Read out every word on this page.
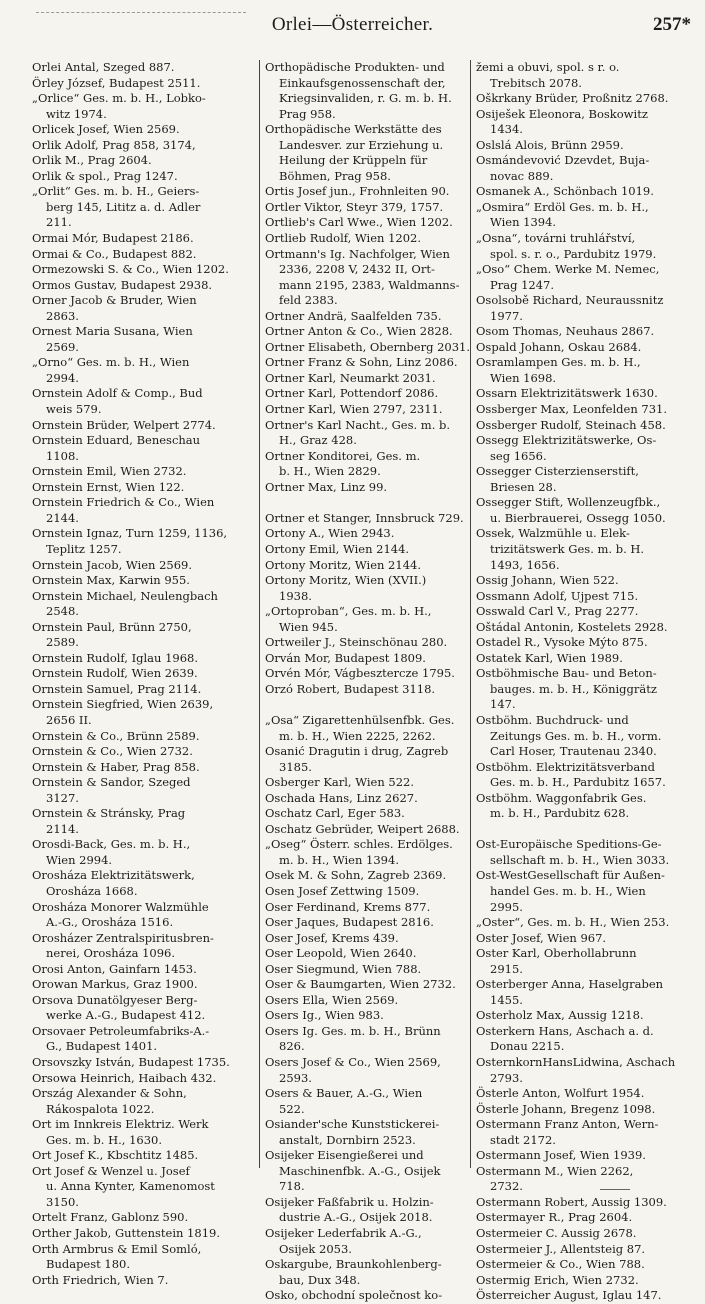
Orlei—Österreicher.	257*
Orlei Antal, Szeged 887.
Örley József, Budapest 2511.
„Orlice“ Ges. m. b. H., Lobko-
witz 1974.
Orlicek Josef, Wien 2569.
Orlik Adolf, Prag 858, 3174,
Orlik M., Prag 2604.
Orlik & spol., Prag 1247.
„Orlit“ Ges. m. b. H., Geiers-
berg 145, Lititz a. d. Adler
211.
Ormai Mór, Budapest 2186.
Ormai & Co., Budapest 882.
Ormezowski S. & Co., Wien 1202.
Ormos Gustav, Budapest 2938.
Orner Jacob & Bruder, Wien
2863.
Ornest Maria Susana, Wien
2569.
„Orno“ Ges. m. b. H., Wien
2994.
Ornstein Adolf & Comp., Bud
weis 579.
Ornstein Brüder, Welpert 2774.
Ornstein Eduard, Beneschau
1108.
Ornstein Emil, Wien 2732.
Ornstein Ernst, Wien 122.
Ornstein Friedrich & Co., Wien
2144.
Ornstein Ignaz, Turn 1259, 1136,
Teplitz 1257.
Ornstein Jacob, Wien 2569.
Ornstein Max, Karwin 955.
Ornstein Michael, Neulengbach
2548.
Ornstein Paul, Brünn 2750,
2589.
Ornstein Rudolf, Iglau 1968.
Ornstein Rudolf, Wien 2639.
Ornstein Samuel, Prag 2114.
Ornstein Siegfried, Wien 2639,
2656 II.
Ornstein & Co., Brünn 2589.
Ornstein & Co., Wien 2732.
Ornstein & Haber, Prag 858.
Ornstein & Sandor, Szeged
3127.
Ornstein & Stránsky, Prag
2114.
Orosdi-Back, Ges. m. b. H.,
Wien 2994.
Orosháza Elektrizitätswerk,
Orosháza 1668.
Orosháza Monorer Walzmühle
A.-G., Orosháza 1516.
Orosházer Zentralspiritusbren-
nerei, Orosháza 1096.
Orosi Anton, Gainfarn 1453.
Orowan Markus, Graz 1900.
Orsova Dunatölgyeser Berg-
werke A.-G., Budapest 412.
Orsovaer Petroleumfabriks-A.-
G., Budapest 1401.
Orsovszky István, Budapest 1735.
Orsowa Heinrich, Haibach 432.
Ország Alexander & Sohn,
Rákospalota 1022.
Ort im Innkreis Elektriz. Werk
Ges. m. b. H., 1630.
Ort Josef K., Kbschtitz 1485.
Ort Josef & Wenzel u. Josef
u. Anna Kynter, Kamenomost
3150.
Ortelt Franz, Gablonz 590.
Orther Jakob, Guttenstein 1819.
Orth Armbrus & Emil Somló,
Budapest 180.
Orth Friedrich, Wien 7.
Orthopädische Produkten- und
Einkaufsgenossenschaft der,
Kriegsinvaliden, r. G. m. b. H.
Prag 958.
Orthopädische Werkstätte des
Landesver. zur Erziehung u.
Heilung der Krüppeln für
Böhmen, Prag 958.
Ortis Josef jun., Frohnleiten 90.
Ortler Viktor, Steyr 379, 1757.
Ortlieb's Carl Wwe., Wien 1202.
Ortlieb Rudolf, Wien 1202.
Ortmann's Ig. Nachfolger, Wien
2336, 2208 V, 2432 II, Ort-
mann 2195, 2383, Waldmanns-
feld 2383.
Ortner Andrä, Saalfelden 735.
Ortner Anton & Co., Wien 2828.
Ortner Elisabeth, Obernberg 2031.
Ortner Franz & Sohn, Linz 2086.
Ortner Karl, Neumarkt 2031.
Ortner Karl, Pottendorf 2086.
Ortner Karl, Wien 2797, 2311.
Ortner's Karl Nacht., Ges. m. b.
H., Graz 428.
Ortner Konditorei, Ges. m.
b. H., Wien 2829.
Ortner Max, Linz 99.

Ortner et Stanger, Innsbruck 729.
Ortony A., Wien 2943.
Ortony Emil, Wien 2144.
Ortony Moritz, Wien 2144.
Ortony Moritz, Wien (XVII.)
1938.
„Ortoproban“, Ges. m. b. H.,
Wien 945.
Ortweiler J., Steinschönau 280.
Orván Mor, Budapest 1809.
Orvén Mór, Vágbesztercze 1795.
Orzó Robert, Budapest 3118.

„Osa“ Zigarettenhülsenfbk. Ges.
m. b. H., Wien 2225, 2262.
Osanić Dragutin i drug, Zagreb
3185.
Osberger Karl, Wien 522.
Oschada Hans, Linz 2627.
Oschatz Carl, Eger 583.
Oschatz Gebrüder, Weipert 2688.
„Oseg“ Österr. schles. Erdölges.
m. b. H., Wien 1394.
Osek M. & Sohn, Zagreb 2369.
Osen Josef Zettwing 1509.
Oser Ferdinand, Krems 877.
Oser Jaques, Budapest 2816.
Oser Josef, Krems 439.
Oser Leopold, Wien 2640.
Oser Siegmund, Wien 788.
Oser & Baumgarten, Wien 2732.
Osers Ella, Wien 2569.
Osers Ig., Wien 983.
Osers Ig. Ges. m. b. H., Brünn
826.
Osers Josef & Co., Wien 2569,
2593.
Osers & Bauer, A.-G., Wien
522.
Osiander'sche Kunststickerei-
anstalt, Dornbirn 2523.
Osijeker Eisengießerei und
Maschinenfbk. A.-G., Osijek
718.
Osijeker Faßfabrik u. Holzin-
dustrie A.-G., Osijek 2018.
Osijeker Lederfabrik A.-G.,
Osijek 2053.
Oskargube, Braunkohlenberg-
bau, Dux 348.
Osko, obchodní společnost ko-
žemi a obuvi, spol. s r. o.
Trebitsch 2078.
Oškrkany Brüder, Proßnitz 2768.
Osiješek Eleonora, Boskowitz
1434.
Oslslá Alois, Brünn 2959.
Osmándevović Dzevdet, Buja-
novac 889.
Osmanek A., Schönbach 1019.
„Osmira“ Erdöl Ges. m. b. H.,
Wien 1394.
„Osna“, továrni truhlářství,
spol. s. r. o., Pardubitz 1979.
„Oso“ Chem. Werke M. Nemec,
Prag 1247.
Osolsobě Richard, Neuraussnitz
1977.
Osom Thomas, Neuhaus 2867.
Ospald Johann, Oskau 2684.
Osramlampen Ges. m. b. H.,
Wien 1698.
Ossarn Elektrizitätswerk 1630.
Ossberger Max, Leonfelden 731.
Ossberger Rudolf, Steinach 458.
Ossegg Elektrizitätswerke, Os-
seg 1656.
Ossegger Cisterzienserstift,
Briesen 28.
Ossegger Stift, Wollenzeugfbk.,
u. Bierbrauerei, Ossegg 1050.
Ossek, Walzmühle u. Elek-
trizitätswerk Ges. m. b. H.
1493, 1656.
Ossig Johann, Wien 522.
Ossmann Adolf, Ujpest 715.
Osswald Carl V., Prag 2277.
Oštádal Antonin, Kostelets 2928.
Ostadel R., Vysoke Mýto 875.
Ostatek Karl, Wien 1989.
Ostböhmische Bau- und Beton-
bauges. m. b. H., Königgrätz
147.
Ostböhm. Buchdruck- und
Zeitungs Ges. m. b. H., vorm.
Carl Hoser, Trautenau 2340.
Ostböhm. Elektrizitätsverband
Ges. m. b. H., Pardubitz 1657.
Ostböhm. Waggonfabrik Ges.
m. b. H., Pardubitz 628.

Ost-Europäische Speditions-Ge-
sellschaft m. b. H., Wien 3033.
Ost-WestGesellschaft für Außen-
handel Ges. m. b. H., Wien
2995.
„Oster“, Ges. m. b. H., Wien 253.
Oster Josef, Wien 967.
Oster Karl, Oberhollabrunn
2915.
Osterberger Anna, Haselgraben
1455.
Osterholz Max, Aussig 1218.
Osterkern Hans, Aschach a. d.
Donau 2215.
OsternkornHansLidwina, Aschach
2793.
Österle Anton, Wolfurt 1954.
Österle Johann, Bregenz 1098.
Ostermann Franz Anton, Wern-
stadt 2172.
Ostermann Josef, Wien 1939.
Ostermann M., Wien 2262,
2732.
Ostermann Robert, Aussig 1309.
Ostermayer R., Prag 2604.
Ostermeier C. Aussig 2678.
Ostermeier J., Allentsteig 87.
Ostermeier & Co., Wien 788.
Ostermig Erich, Wien 2732.
Österreicher August, Iglau 147.
